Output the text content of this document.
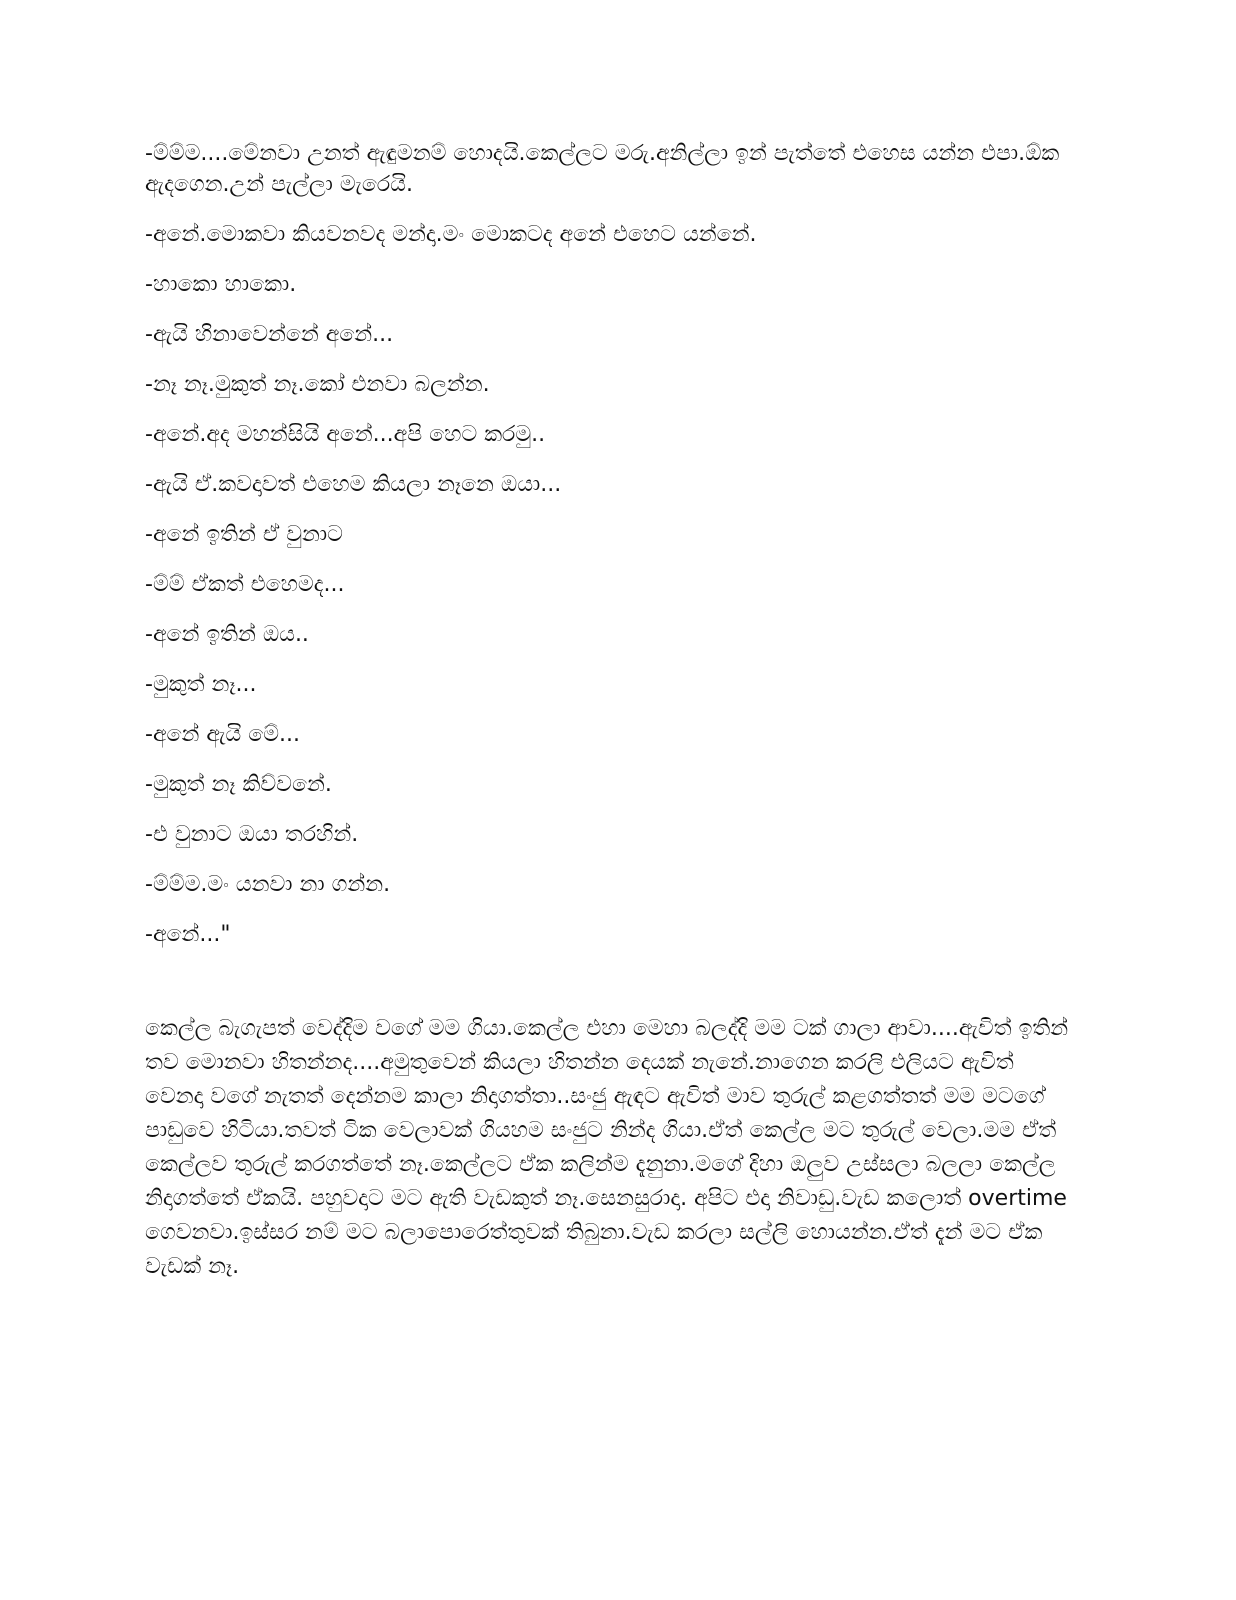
-ම්ම්ම....මේනවා උනත් ඇඳුමනම් හොදයි.කෙල්ලට මරු.අනිල්ලා ඉන් පැත්තේ එහෙස යන්න එපා.ඕක ඇදගෙන.උන් පැල්ලා මැරෙයි.

-අනේ.මොකවා කියවනවද මන්දා.මං මොකටද අනේ එහෙට යන්නේ.

-හාකො හාකො.

-ඇයි හිනාවෙන්නේ අනේ...

-නෑ නෑ.මුකුත් නෑ.කෝ එනවා බලන්න.

-අනේ.අද මහන්සියි අනේ...අපි හෙට කරමු..

-ඇයි ඒ.කවදාවත් එහෙම කියලා නෑනෙ ඔයා...

-අනේ ඉතින් ඒ වුනාට

-ම්ම් ඒකත් එහෙමද...

-අනේ ඉතින් ඔය..

-මුකුත් නෑ...

-අනේ ඇයි මේ...

-මුකුත් නෑ කිව්වනේ.

-එ වුනාට ඔයා තරහින්.

-ම්ම්ම.මං යනවා නා ගන්න.

-අනේ..."

කෙල්ල බැගැපත් වෙද්දිම වගේ මම ගියා.කෙල්ල එහා මෙහා බලද්දි මම ටක් ගාලා ආවා....ඇවිත් ඉතින් තව මොනවා හිතන්නද....අමුතුවෙන් කියලා හිතන්න දෙයක් නැනේ.නාගෙන කරලි එලියට ඇවිත් වෙනදා වගේ නැතත් දෙන්නම කාලා නිදාගත්තා..සංජු ඇඳට ඇවිත් මාව තුරුල් කළගත්තත් මම මටගේ පාඩුවෙ හිටියා.තවත් ටික වෙලාවක් ගියහම සංජුට නින්ද ගියා.ඒත් කෙල්ල මට තුරුල් වෙලා.මම ඒත් කෙල්ලව තුරුල් කරගත්තේ නෑ.කෙල්ලට ඒක කලින්ම දැනුනා.මගේ දිහා ඔලුව උස්සලා බලලා කෙල්ල නිදාගත්තේ ඒකයි. පහුවදාට මට ඇති වැඩකුත් නෑ.සෙනසුරාදා. අපිට එදා නිවාඩු.වැඩ කලොත් overtime ගෙවනවා.ඉස්සර නම් මට බලාපොරෙත්තුවක් තිබුනා.වැඩ කරලා සල්ලි හොයන්න.ඒත් දැන් මට ඒක වැඩක් නෑ.
